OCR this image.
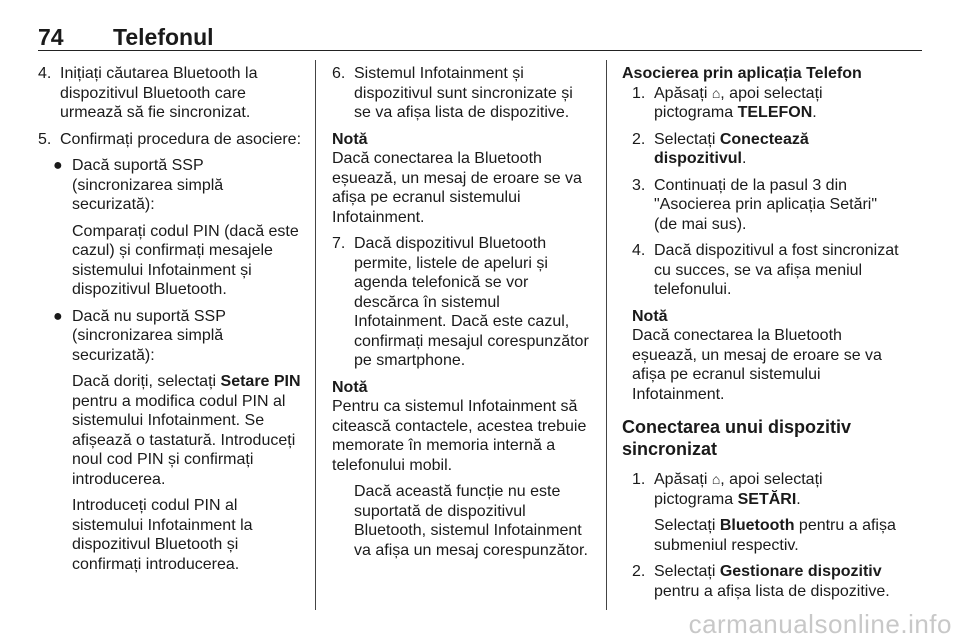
74 Telefonul
4. Inițiați căutarea Bluetooth la dispozitivul Bluetooth care urmează să fie sincronizat.
5. Confirmați procedura de asociere:
● Dacă suportă SSP (sincronizarea simplă securizată):
Comparați codul PIN (dacă este cazul) și confirmați mesajele sistemului Infotainment și dispozitivul Bluetooth.
● Dacă nu suportă SSP (sincronizarea simplă securizată):
Dacă doriți, selectați Setare PIN pentru a modifica codul PIN al sistemului Infotainment. Se afișează o tastatură. Introduceți noul cod PIN și confirmați introducerea.
Introduceți codul PIN al sistemului Infotainment la dispozitivul Bluetooth și confirmați introducerea.
6. Sistemul Infotainment și dispozitivul sunt sincronizate și se va afișa lista de dispozitive.
Notă
Dacă conectarea la Bluetooth eșuează, un mesaj de eroare se va afișa pe ecranul sistemului Infotainment.
7. Dacă dispozitivul Bluetooth permite, listele de apeluri și agenda telefonică se vor descărca în sistemul Infotainment. Dacă este cazul, confirmați mesajul corespunzător pe smartphone.
Notă
Pentru ca sistemul Infotainment să citească contactele, acestea trebuie memorate în memoria internă a telefonului mobil.
Dacă această funcție nu este suportată de dispozitivul Bluetooth, sistemul Infotainment va afișa un mesaj corespunzător.
Asocierea prin aplicația Telefon
1. Apăsați ⌂, apoi selectați pictograma TELEFON.
2. Selectați Conectează dispozitivul.
3. Continuați de la pasul 3 din "Asocierea prin aplicația Setări" (de mai sus).
4. Dacă dispozitivul a fost sincronizat cu succes, se va afișa meniul telefonului.
Notă
Dacă conectarea la Bluetooth eșuează, un mesaj de eroare se va afișa pe ecranul sistemului Infotainment.
Conectarea unui dispozitiv sincronizat
1. Apăsați ⌂, apoi selectați pictograma SETĂRI.
Selectați Bluetooth pentru a afișa submeniul respectiv.
2. Selectați Gestionare dispozitiv pentru a afișa lista de dispozitive.
carmanualsonline.info
